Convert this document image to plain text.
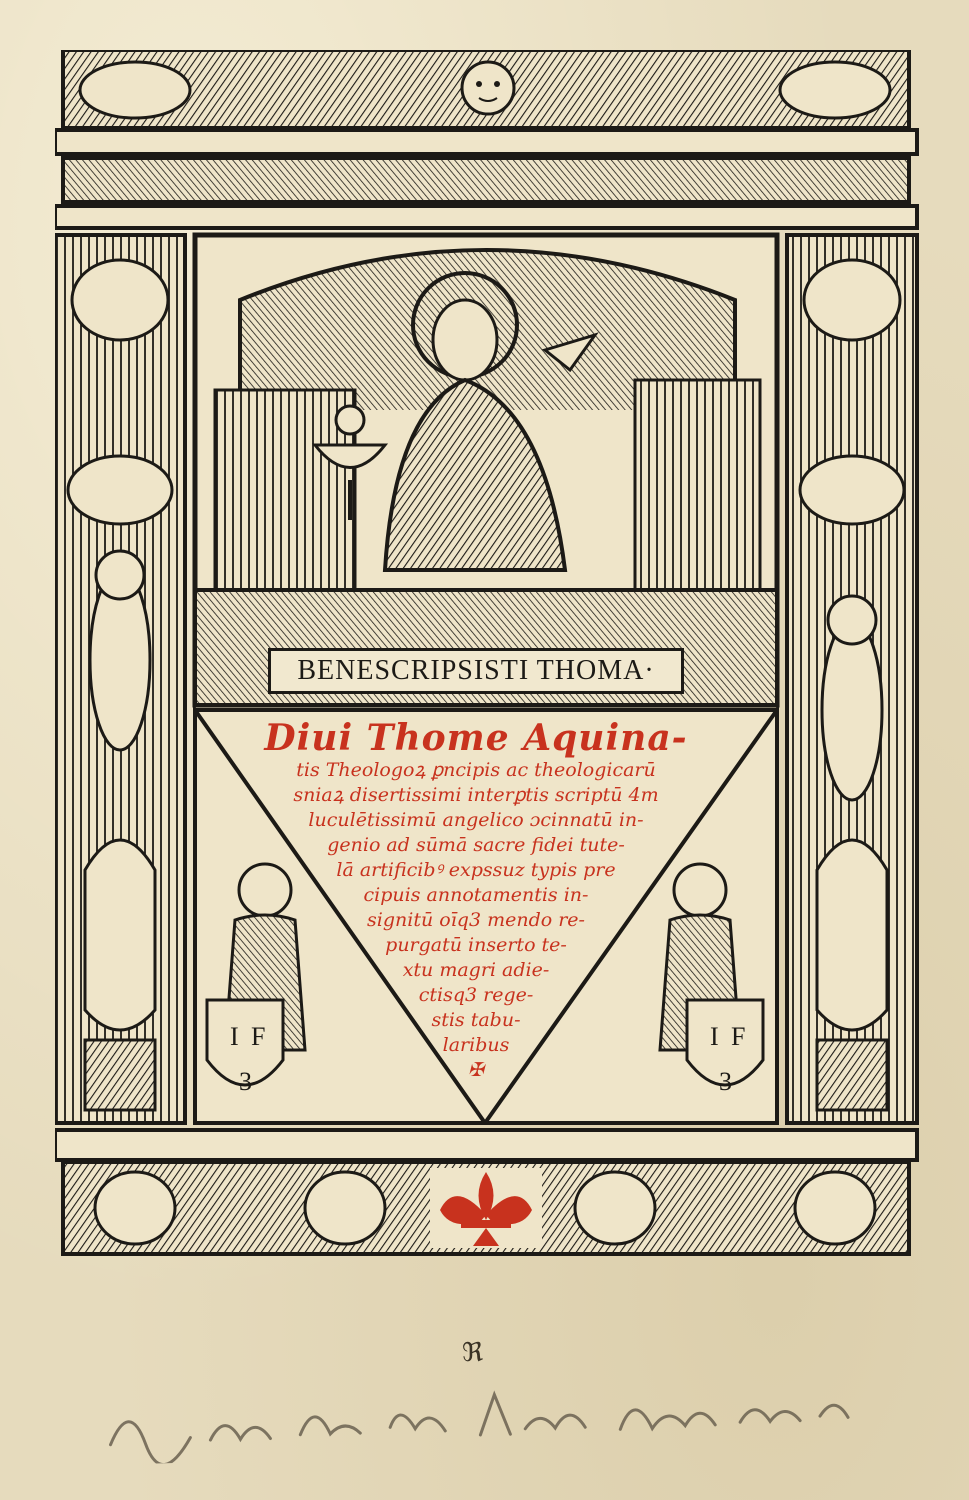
I F
3
I F
3
BENESCRIPSISTI THOMA·
Diui Thome Aquina-
tis Theologoꝝ ꝑncipis ac theologicarū
sniaꝝ disertissimi interꝑtis scriptū 4m
luculētissimū angelico ɔcinnatū in-
genio ad sūmā sacre fidei tute-
lā artificibꝰ expssuz typis pre
cipuis annotamentis in-
signitū oīq3 mendo re-
purgatū inserto te-
xtu magri adie-
ctisq3 rege-
stis tabu-
laribus
✠
ℜ
